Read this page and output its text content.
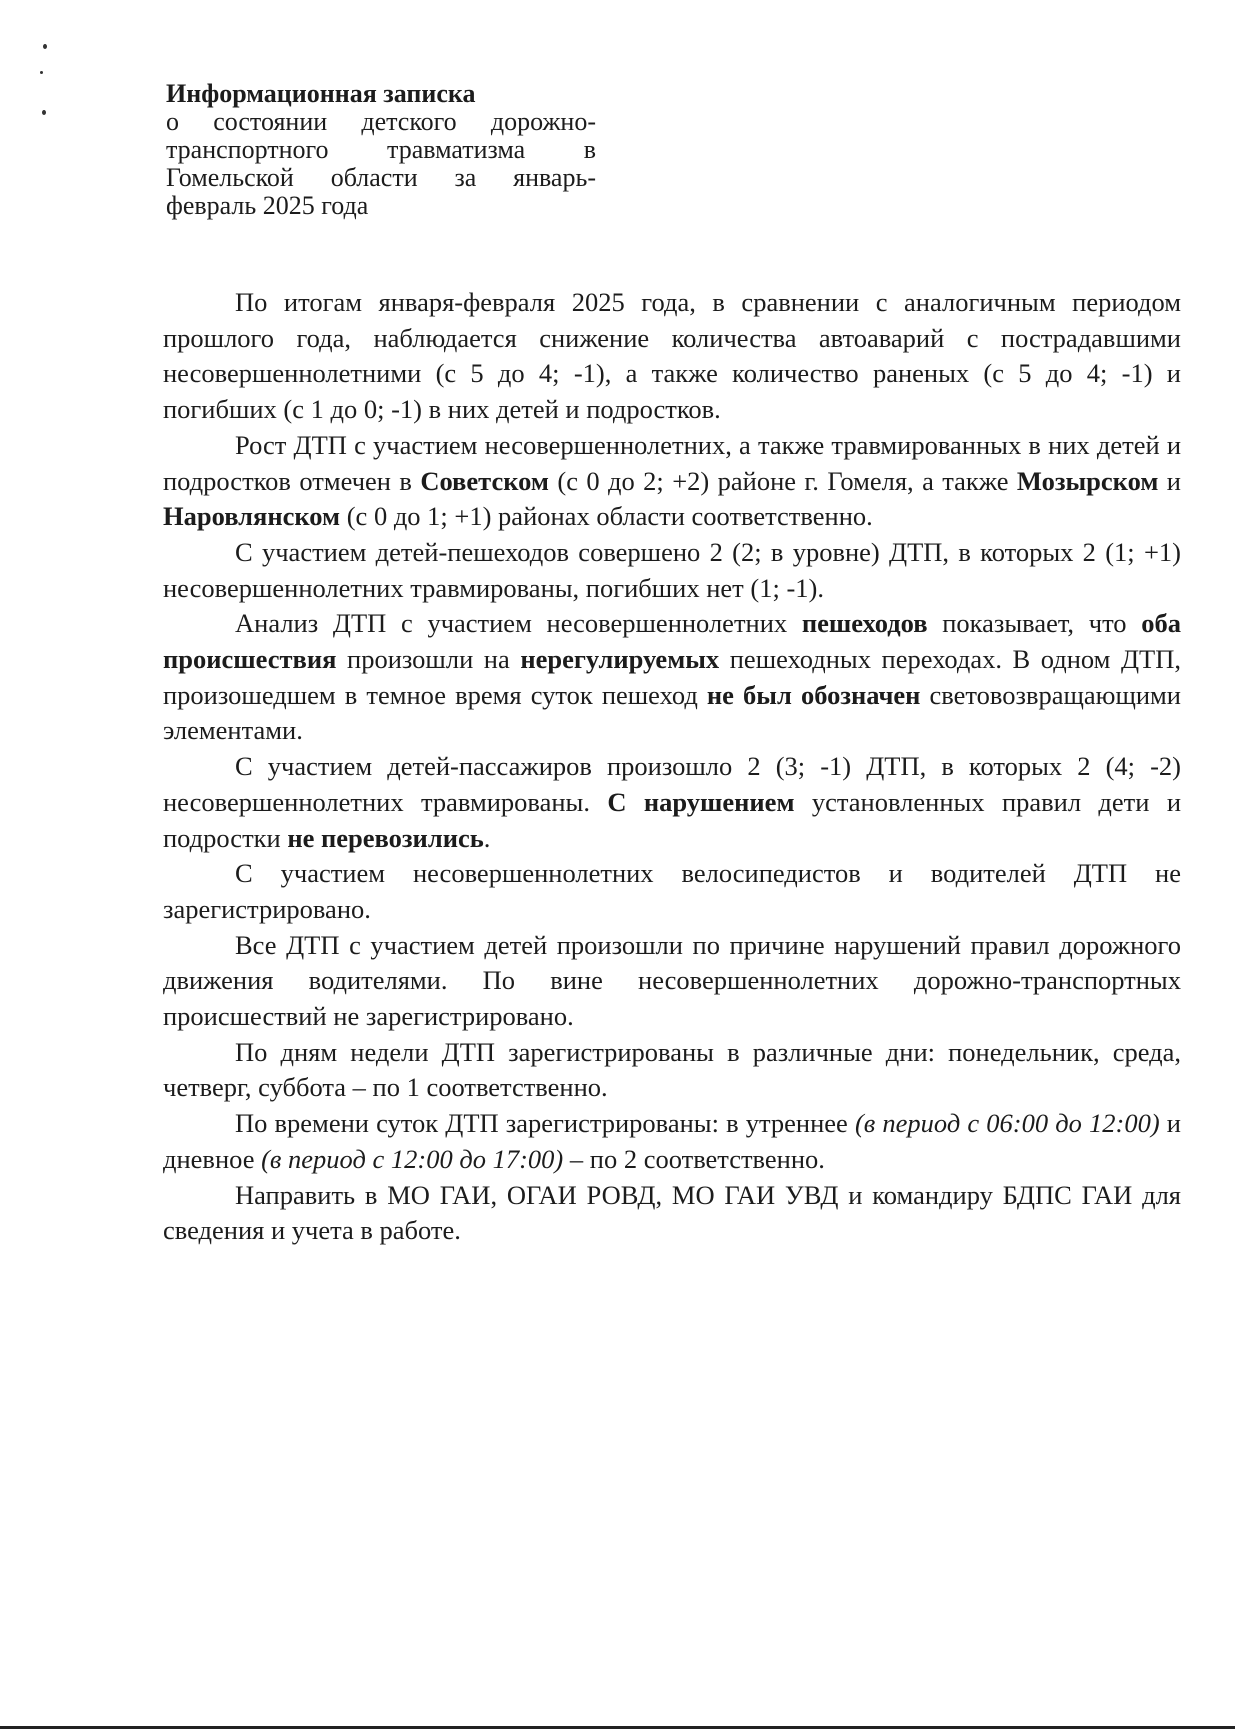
Информационная записка
о состоянии детского дорожно-
транспортного травматизма в
Гомельской области за январь-
февраль 2025 года

По итогам января-февраля 2025 года, в сравнении с аналогичным периодом прошлого года, наблюдается снижение количества автоаварий с пострадавшими несовершеннолетними (с 5 до 4; -1), а также количество раненых (с 5 до 4; -1) и погибших (с 1 до 0; -1) в них детей и подростков.

Рост ДТП с участием несовершеннолетних, а также травмированных в них детей и подростков отмечен в Советском (с 0 до 2; +2) районе г. Гомеля, а также Мозырском и Наровлянском (с 0 до 1; +1) районах области соответственно.

С участием детей-пешеходов совершено 2 (2; в уровне) ДТП, в которых 2 (1; +1) несовершеннолетних травмированы, погибших нет (1; -1).

Анализ ДТП с участием несовершеннолетних пешеходов показывает, что оба происшествия произошли на нерегулируемых пешеходных переходах. В одном ДТП, произошедшем в темное время суток пешеход не был обозначен световозвращающими элементами.

С участием детей-пассажиров произошло 2 (3; -1) ДТП, в которых 2 (4; -2) несовершеннолетних травмированы. С нарушением установленных правил дети и подростки не перевозились.

С участием несовершеннолетних велосипедистов и водителей ДТП не зарегистрировано.

Все ДТП с участием детей произошли по причине нарушений правил дорожного движения водителями. По вине несовершеннолетних дорожно-транспортных происшествий не зарегистрировано.

По дням недели ДТП зарегистрированы в различные дни: понедельник, среда, четверг, суббота – по 1 соответственно.

По времени суток ДТП зарегистрированы: в утреннее (в период с 06:00 до 12:00) и дневное (в период с 12:00 до 17:00) – по 2 соответственно.

Направить в МО ГАИ, ОГАИ РОВД, МО ГАИ УВД и командиру БДПС ГАИ для сведения и учета в работе.
